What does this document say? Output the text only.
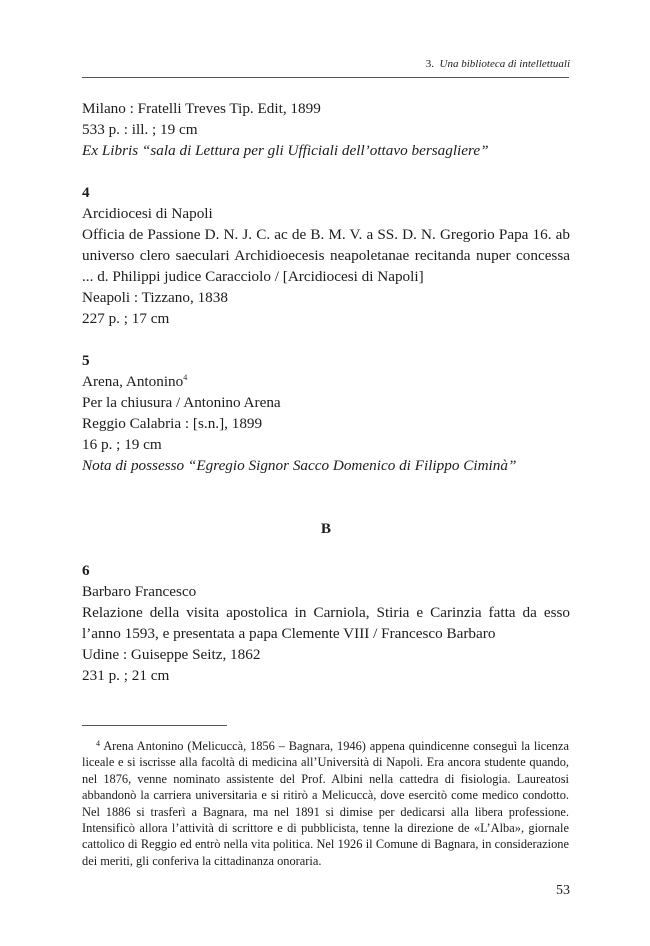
3. Una biblioteca di intellettuali

Milano : Fratelli Treves Tip. Edit, 1899

533 p. : ill. ; 19 cm

Ex Libris “sala di Lettura per gli Ufficiali dell’ottavo bersagliere”

4

Arcidiocesi di Napoli

Officia de Passione D. N. J. C. ac de B. M. V. a SS. D. N. Gregorio Papa 16. ab universo clero saeculari Archidioecesis neapoletanae recitanda nuper concessa ... d. Philippi judice Caracciolo / [Arcidiocesi di Napoli]

Neapoli : Tizzano, 1838

227 p. ; 17 cm

5

Arena, Antonino$^4$

Per la chiusura / Antonino Arena

Reggio Calabria : [s.n.], 1899

16 p. ; 19 cm

Nota di possesso “Egregio Signor Sacco Domenico di Filippo Ciminà”

B

6

Barbaro Francesco

Relazione della visita apostolica in Carniola, Stiria e Carinzia fatta da esso l’anno 1593, e presentata a papa Clemente VIII / Francesco Barbaro

Udine : Guiseppe Seitz, 1862

231 p. ; 21 cm

$^4$ Arena Antonino (Melicuccà, 1856 – Bagnara, 1946) appena quindicenne conseguì la licenza liceale e si iscrisse alla facoltà di medicina all’Università di Napoli. Era ancora studente quando, nel 1876, venne nominato assistente del Prof. Albini nella cattedra di fisiologia. Laureatosi abbandonò la carriera universitaria e si ritirò a Melicuccà, dove esercitò come medico condotto. Nel 1886 si trasferì a Bagnara, ma nel 1891 si dimise per dedicarsi alla libera professione. Intensificò allora l’attività di scrittore e di pubblicista, tenne la direzione de «L’Alba», giornale cattolico di Reggio ed entrò nella vita politica. Nel 1926 il Comune di Bagnara, in considerazione dei meriti, gli conferiva la cittadinanza onoraria.

53
